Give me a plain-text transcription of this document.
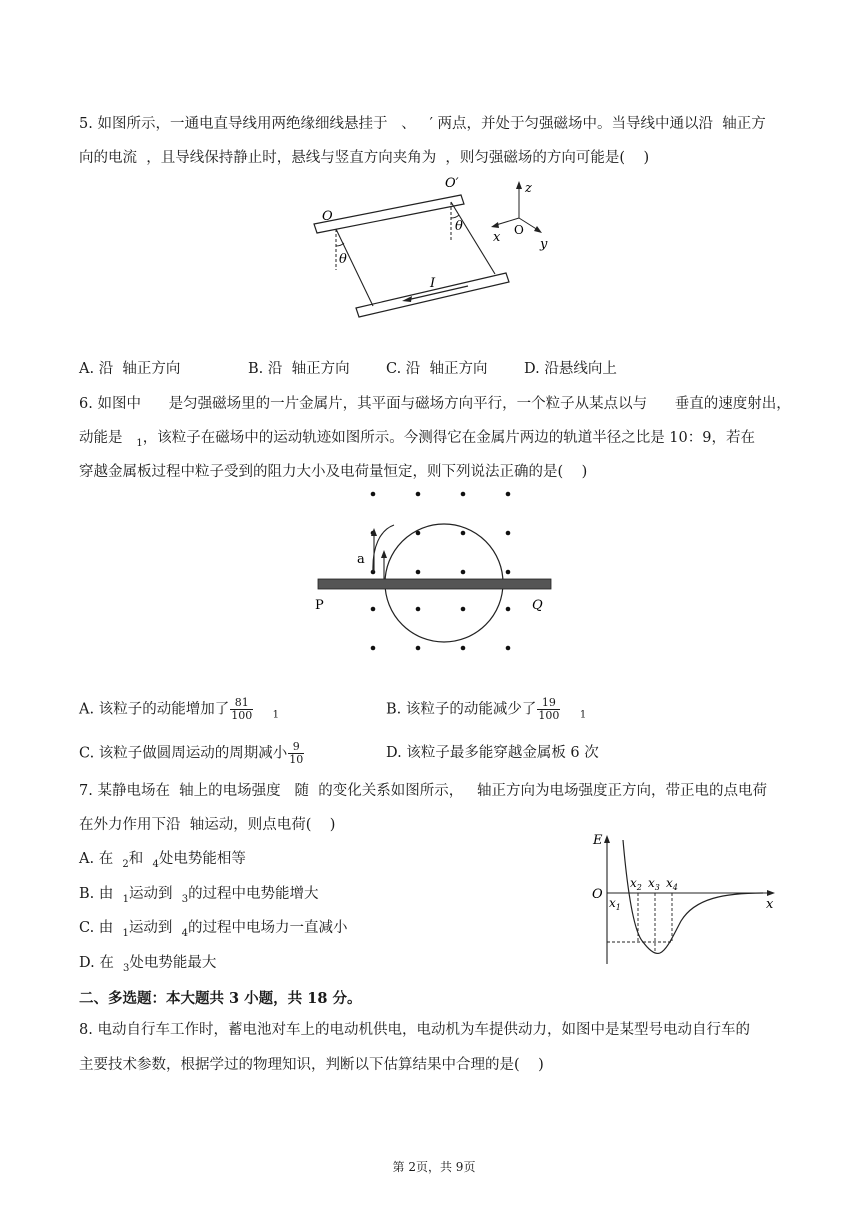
5. 如图所示，一通电直导线用两绝缘细线悬挂于   、   ′ 两点，并处于匀强磁场中。当导线中通以沿  轴正方
向的电流  ，且导线保持静止时，悬线与竖直方向夹角为  ，则匀强磁场的方向可能是(    )
θ
θ
O
O′
I
z
x	y
O
A. 沿  轴正方向	B. 沿  轴正方向	C. 沿  轴正方向	D. 沿悬线向上
6. 如图中      是匀强磁场里的一片金属片，其平面与磁场方向平行，一个粒子从某点以与      垂直的速度射出，
动能是   $_1$，该粒子在磁场中的运动轨迹如图所示。今测得它在金属片两边的轨道半径之比是 10：9，若在
穿越金属板过程中粒子受到的阻力大小及电荷量恒定，则下列说法正确的是(    )
a
P	Q
A. 该粒子的动能增加了 $\frac{81}{100} _1$	B. 该粒子的动能减少了 $\frac{19}{100} _1$
C. 该粒子做圆周运动的周期减小 $\frac{9}{10}$	D. 该粒子最多能穿越金属板 6 次
7. 某静电场在  轴上的电场强度   随  的变化关系如图所示，   轴正方向为电场强度正方向，带正电的点电荷
在外力作用下沿  轴运动，则点电荷(    )
A. 在  $_2$和  $_4$处电势能相等
B. 由  $_1$运动到  $_3$的过程中电势能增大
C. 由  $_1$运动到  $_4$的过程中电场力一直减小
D. 在  $_3$处电势能最大
E
O
x
$x_1$
$x_2$ $x_3$ $x_4$
二、多选题：本大题共 3 小题，共 18 分。
8. 电动自行车工作时，蓄电池对车上的电动机供电，电动机为车提供动力，如图中是某型号电动自行车的
主要技术参数，根据学过的物理知识，判断以下估算结果中合理的是(    )
第 2页，共 9页
